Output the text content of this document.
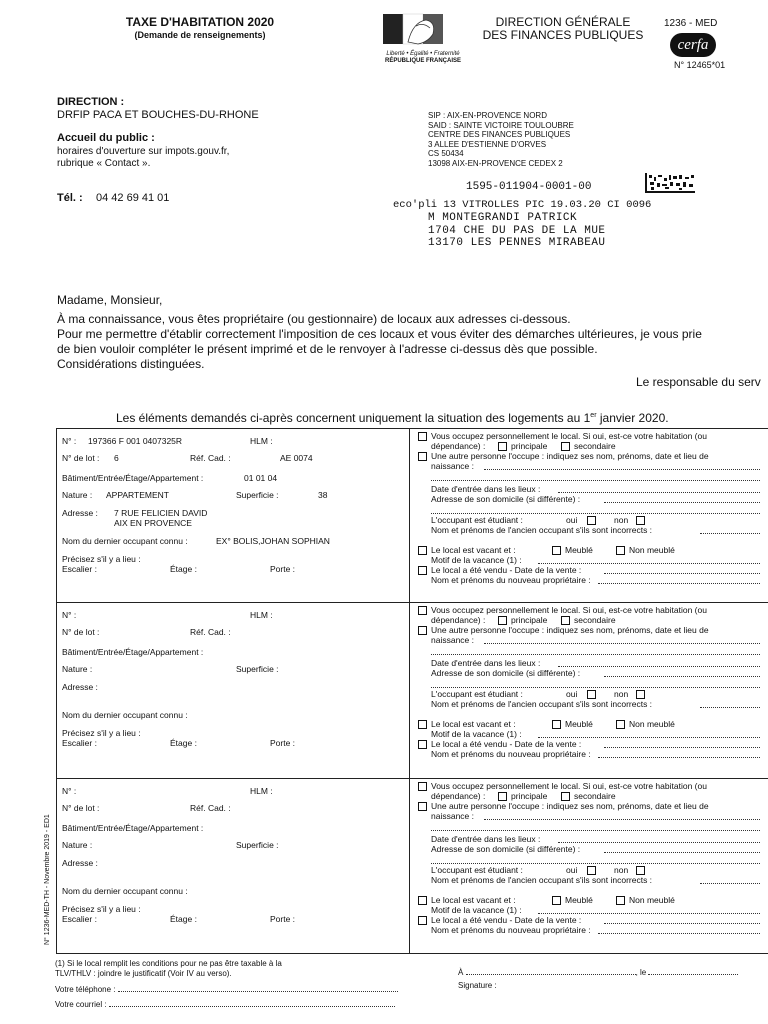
TAXE D'HABITATION 2020
(Demande de renseignements)
Liberté • Égalité • Fraternité
RÉPUBLIQUE FRANÇAISE
DIRECTION GÉNÉRALE
DES FINANCES PUBLIQUES
1236 - MED
cerfa
N° 12465*01
DIRECTION :
DRFIP PACA ET BOUCHES-DU-RHONE
Accueil du public :
horaires d'ouverture sur impots.gouv.fr,
rubrique « Contact ».
Tél. : 04 42 69 41 01
SIP : AIX-EN-PROVENCE NORD
SAID : SAINTE VICTOIRE TOULOUBRE
CENTRE DES FINANCES PUBLIQUES
3 ALLEE D'ESTIENNE D'ORVES
CS 50434
13098 AIX-EN-PROVENCE CEDEX 2
1595-011904-0001-00
eco'pli 13 VITROLLES PIC 19.03.20 CI 0096
M MONTEGRANDI PATRICK
1704 CHE DU PAS DE LA MUE
13170 LES PENNES MIRABEAU
Madame, Monsieur,
À ma connaissance, vous êtes propriétaire (ou gestionnaire) de locaux aux adresses ci-dessous.
Pour me permettre d'établir correctement l'imposition de ces locaux et vous éviter des démarches ultérieures, je vous prie
de bien vouloir compléter le présent imprimé et de le renvoyer à l'adresse ci-dessus dès que possible.
Considérations distinguées.
Le responsable du serv
Les éléments demandés ci-après concernent uniquement la situation des logements au 1er janvier 2020.
N° : 197366 F 001 0407325R	HLM :
N° de lot : 6	Réf. Cad. :	AE 0074
Bâtiment/Entrée/Étage/Appartement :	01 01 04
Nature : APPARTEMENT	Superficie :	38
Adresse : 7 RUE FELICIEN DAVID
AIX EN PROVENCE
Nom du dernier occupant connu :	EX° BOLIS,JOHAN SOPHIAN
Précisez s'il y a lieu :
Escalier :	Étage :	Porte :
Vous occupez personnellement le local. Si oui, est-ce votre habitation (ou
dépendance) :	principale	secondaire
Une autre personne l'occupe : indiquez ses nom, prénoms, date et lieu de
naissance :
Date d'entrée dans les lieux :
Adresse de son domicile (si différente) :
L'occupant est étudiant :	oui	non
Nom et prénoms de l'ancien occupant s'ils sont incorrects :
Le local est vacant et :	Meublé	Non meublé
Motif de la vacance (1) :
Le local a été vendu - Date de la vente :
Nom et prénoms du nouveau propriétaire :
N° :	HLM :
N° de lot :	Réf. Cad. :
Bâtiment/Entrée/Étage/Appartement :
Nature :	Superficie :
Adresse :
Nom du dernier occupant connu :
Précisez s'il y a lieu :
Escalier :	Étage :	Porte :
Vous occupez personnellement le local. Si oui, est-ce votre habitation (ou
dépendance) :	principale	secondaire
Une autre personne l'occupe : indiquez ses nom, prénoms, date et lieu de
naissance :
Date d'entrée dans les lieux :
Adresse de son domicile (si différente) :
L'occupant est étudiant :	oui	non
Nom et prénoms de l'ancien occupant s'ils sont incorrects :
Le local est vacant et :	Meublé	Non meublé
Motif de la vacance (1) :
Le local a été vendu - Date de la vente :
Nom et prénoms du nouveau propriétaire :
N° :	HLM :
N° de lot :	Réf. Cad. :
Bâtiment/Entrée/Étage/Appartement :
Nature :	Superficie :
Adresse :
Nom du dernier occupant connu :
Précisez s'il y a lieu :
Escalier :	Étage :	Porte :
Vous occupez personnellement le local. Si oui, est-ce votre habitation (ou
dépendance) :	principale	secondaire
Une autre personne l'occupe : indiquez ses nom, prénoms, date et lieu de
naissance :
Date d'entrée dans les lieux :
Adresse de son domicile (si différente) :
L'occupant est étudiant :	oui	non
Nom et prénoms de l'ancien occupant s'ils sont incorrects :
Le local est vacant et :	Meublé	Non meublé
Motif de la vacance (1) :
Le local a été vendu - Date de la vente :
Nom et prénoms du nouveau propriétaire :
(1) Si le local remplit les conditions pour ne pas être taxable à la
TLV/THLV : joindre le justificatif (Voir IV au verso).
Votre téléphone :
Votre courriel :
À	, le
Signature :
N° 1236-MED-TH - Novembre 2019 - ED1
